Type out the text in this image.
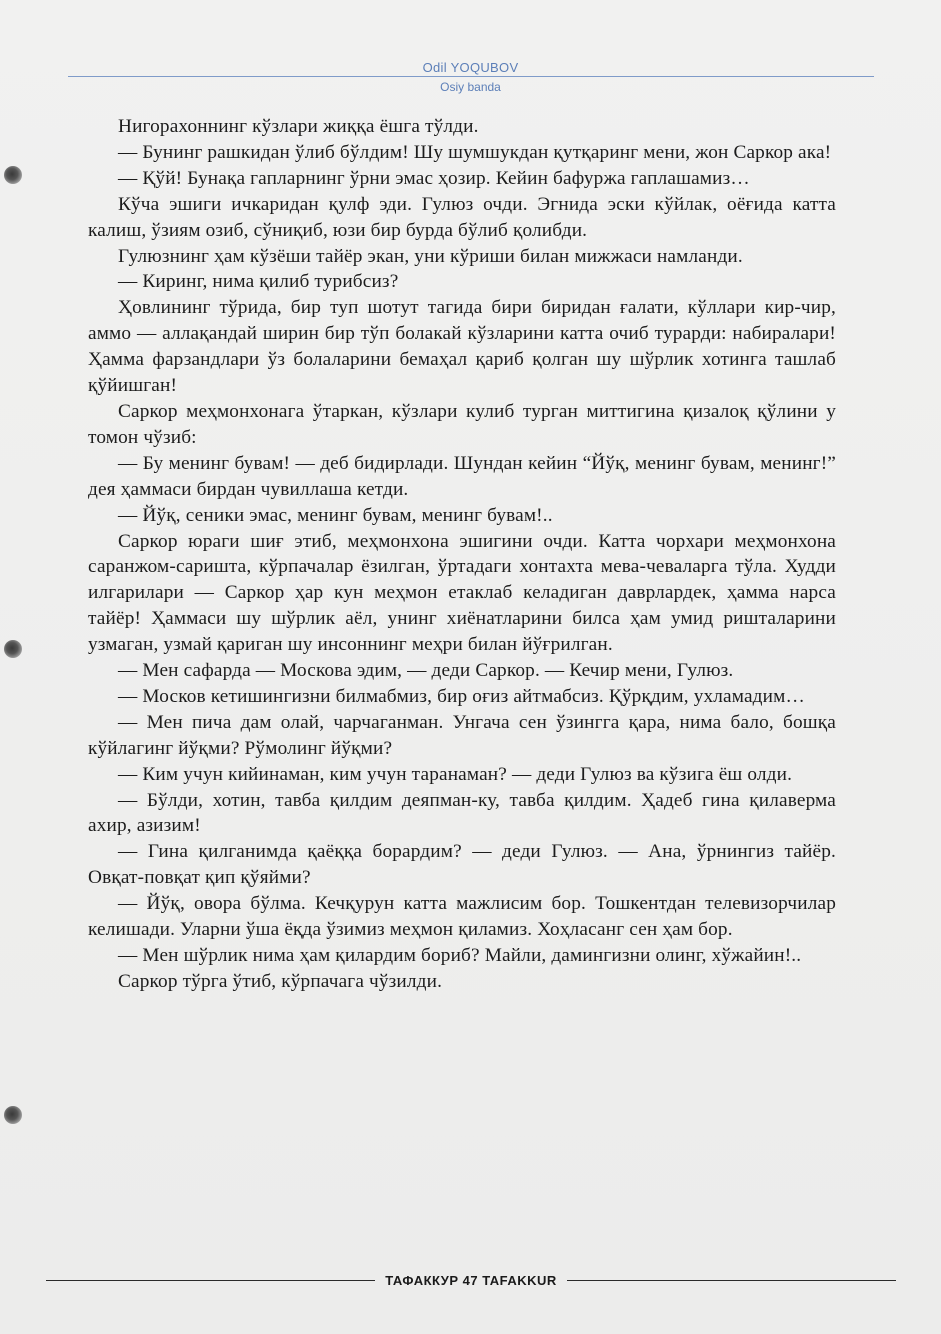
Odil YOQUBOV
Osiy banda

Нигорахоннинг кўзлари жиққа ёшга тўлди.

— Бунинг рашкидан ўлиб бўлдим! Шу шумшукдан қутқаринг мени, жон Саркор ака!

— Қўй! Бунақа гапларнинг ўрни эмас ҳозир. Кейин бафуржа гаплашамиз…

Кўча эшиги ичкаридан қулф эди. Гулюз очди. Эгнида эски кўйлак, оёғида катта калиш, ўзиям озиб, сўниқиб, юзи бир бурда бўлиб қолибди.

Гулюзнинг ҳам кўзёши тайёр экан, уни кўриши билан мижжаси намланди.

— Киринг, нима қилиб турибсиз?

Ҳовлининг тўрида, бир туп шотут тагида бири биридан ғалати, кўллари кир-чир, аммо — аллақандай ширин бир тўп болакай кўзларини катта очиб турарди: набиралари! Ҳамма фарзандлари ўз болаларини бемаҳал қариб қолган шу шўрлик хотинга ташлаб қўйишган!

Саркор меҳмонхонага ўтаркан, кўзлари кулиб турган миттигина қизалоқ қўлини у томон чўзиб:

— Бу менинг бувам! — деб бидирлади. Шундан кейин “Йўқ, менинг бувам, менинг!” дея ҳаммаси бирдан чувиллаша кетди.

— Йўқ, сеники эмас, менинг бувам, менинг бувам!..

Саркор юраги шиғ этиб, меҳмонхона эшигини очди. Катта чорхари меҳмонхона саранжом-саришта, кўрпачалар ёзилган, ўртадаги хонтахта мева-чеваларга тўла. Худди илгарилари — Саркор ҳар кун меҳмон етаклаб келадиган даврлардек, ҳамма нарса тайёр! Ҳаммаси шу шўрлик аёл, унинг хиёнатларини билса ҳам умид ришталарини узмаган, узмай қариган шу инсоннинг меҳри билан йўғрилган.

— Мен сафарда — Москова эдим, — деди Саркор. — Кечир мени, Гулюз.

— Москов кетишингизни билмабмиз, бир оғиз айтмабсиз. Қўрқдим, ухламадим…

— Мен пича дам олай, чарчаганман. Унгача сен ўзингга қара, нима бало, бошқа кўйлагинг йўқми? Рўмолинг йўқми?

— Ким учун кийинаман, ким учун таранаман? — деди Гулюз ва кўзига ёш олди.

— Бўлди, хотин, тавба қилдим деяпман-ку, тавба қилдим. Ҳадеб гина қилаверма ахир, азизим!

— Гина қилганимда қаёққа борардим? — деди Гулюз. — Ана, ўрнингиз тайёр. Овқат-повқат қип қўяйми?

— Йўқ, овора бўлма. Кечқурун катта мажлисим бор. Тошкентдан телевизорчилар келишади. Уларни ўша ёқда ўзимиз меҳмон қиламиз. Хоҳласанг сен ҳам бор.

— Мен шўрлик нима ҳам қилардим бориб? Майли, дамингизни олинг, хўжайин!..

Саркор тўрга ўтиб, кўрпачага чўзилди.

ТАФАККУР 47 TAFAKKUR
